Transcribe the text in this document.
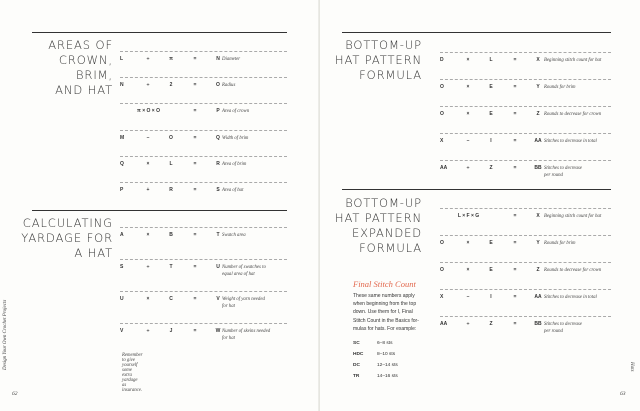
AREAS OF
CROWN, BRIM,
AND HAT
L	÷	π	=	N Diameter
N	÷	2	=	O Radius
π × O × O	=	P Area of crown
M	–	O	=	Q Width of brim
Q	×	L	=	R Area of brim
P	+	R	=	S Area of hat
CALCULATING
YARDAGE FOR
A HAT
A	×	B	=	T Swatch area
S	÷	T	=	U Number of swatches to
equal area of hat
U	×	C	=	V Weight of yarn needed
for hat
V	÷	J	=	W Number of skeins needed
for hat
Remember to give yourself some extra yardage as insurance.
Design Your Own Crochet Projects
62
BOTTOM-UP
HAT PATTERN
FORMULA
D	×	L	=	X Beginning stitch count for hat
O	×	E	=	Y Rounds for brim
O	×	E	=	Z Rounds to decrease for crown
X	–	I	=	AA Stitches to decrease in total
AA	÷	Z	=	BB Stitches to decrease
per round
BOTTOM-UP
HAT PATTERN
EXPANDED
FORMULA
L × F × G	=	X Beginning stitch count for hat
O	×	E	=	Y Rounds for brim
O	×	E	=	Z Rounds to decrease for crown
X	–	I	=	AA Stitches to decrease in total
AA	÷	Z	=	BB Stitches to decrease
per round
Final Stitch Count
These same numbers apply
when beginning from the top
down. Use them for I, Final
Stitch Count in the Basics for-
mulas for hats. For example:
SC	6–8 sts
HDC	8–10 sts
DC	12–14 sts
TR	14–16 sts
Hats
63
